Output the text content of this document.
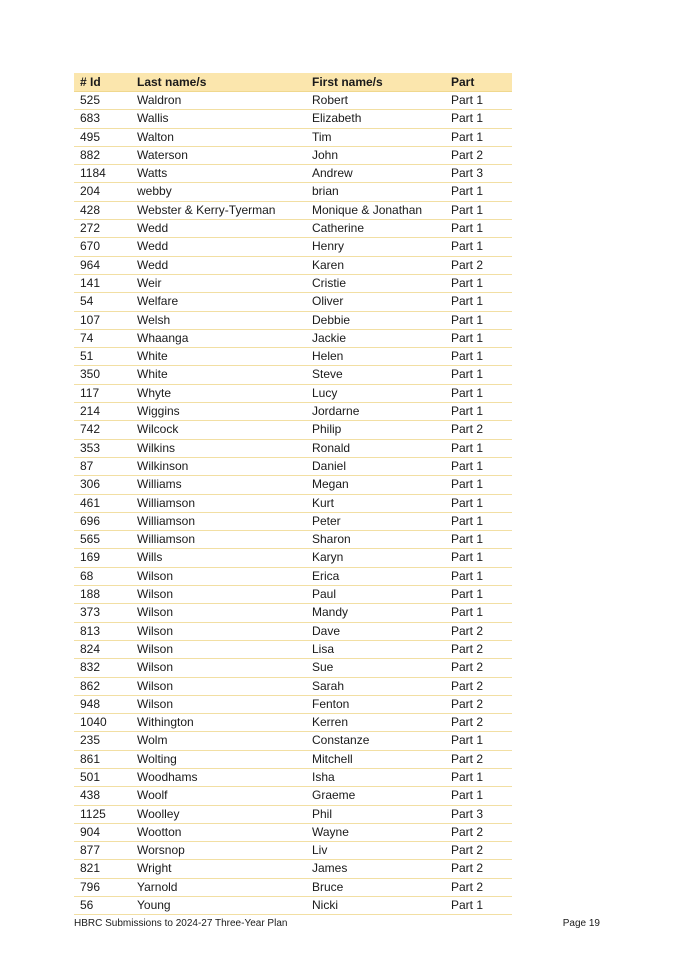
# Id	Last name/s	First name/s	Part
525	Waldron	Robert	Part 1
683	Wallis	Elizabeth	Part 1
495	Walton	Tim	Part 1
882	Waterson	John	Part 2
1184	Watts	Andrew	Part 3
204	webby	brian	Part 1
428	Webster & Kerry-Tyerman	Monique & Jonathan	Part 1
272	Wedd	Catherine	Part 1
670	Wedd	Henry	Part 1
964	Wedd	Karen	Part 2
141	Weir	Cristie	Part 1
54	Welfare	Oliver	Part 1
107	Welsh	Debbie	Part 1
74	Whaanga	Jackie	Part 1
51	White	Helen	Part 1
350	White	Steve	Part 1
117	Whyte	Lucy	Part 1
214	Wiggins	Jordarne	Part 1
742	Wilcock	Philip	Part 2
353	Wilkins	Ronald	Part 1
87	Wilkinson	Daniel	Part 1
306	Williams	Megan	Part 1
461	Williamson	Kurt	Part 1
696	Williamson	Peter	Part 1
565	Williamson	Sharon	Part 1
169	Wills	Karyn	Part 1
68	Wilson	Erica	Part 1
188	Wilson	Paul	Part 1
373	Wilson	Mandy	Part 1
813	Wilson	Dave	Part 2
824	Wilson	Lisa	Part 2
832	Wilson	Sue	Part 2
862	Wilson	Sarah	Part 2
948	Wilson	Fenton	Part 2
1040	Withington	Kerren	Part 2
235	Wolm	Constanze	Part 1
861	Wolting	Mitchell	Part 2
501	Woodhams	Isha	Part 1
438	Woolf	Graeme	Part 1
1125	Woolley	Phil	Part 3
904	Wootton	Wayne	Part 2
877	Worsnop	Liv	Part 2
821	Wright	James	Part 2
796	Yarnold	Bruce	Part 2
56	Young	Nicki	Part 1
HBRC Submissions to 2024-27 Three-Year Plan	Page 19
